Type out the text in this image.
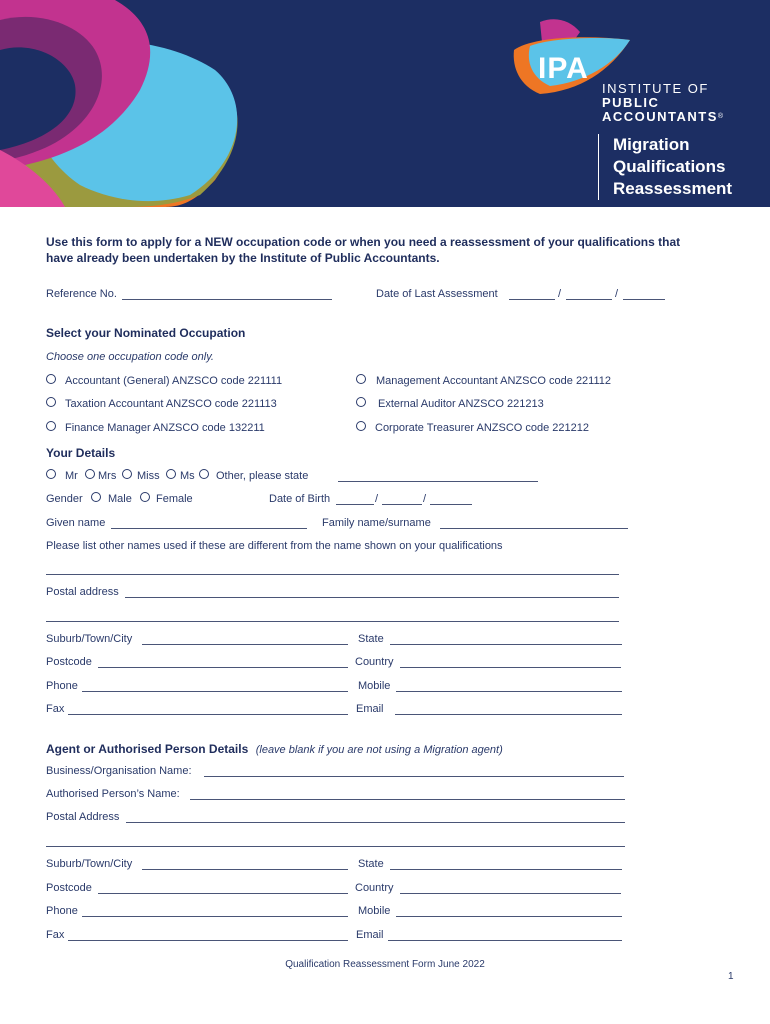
IPA
INSTITUTE OF
PUBLIC
ACCOUNTANTS®
Migration
Qualifications
Reassessment
Use this form to apply for a NEW occupation code or when you need a reassessment of your qualifications that
have already been undertaken by the Institute of Public Accountants.
Reference No.	Date of Last Assessment	/	/
Select your Nominated Occupation
Choose one occupation code only.
Accountant (General) ANZSCO code 221111	Management Accountant ANZSCO code 221112
Taxation Accountant ANZSCO code 221113	External Auditor ANZSCO 221213
Finance Manager ANZSCO code 132211	Corporate Treasurer ANZSCO code 221212
Your Details
Mr Mrs Miss Ms Other, please state
Gender Male Female	Date of Birth	/	/
Given name	Family name/surname
Please list other names used if these are different from the name shown on your qualifications
Postal address
Suburb/Town/City	State
Postcode	Country
Phone	Mobile
Fax	Email
Agent or Authorised Person Details (leave blank if you are not using a Migration agent)
Business/Organisation Name:
Authorised Person’s Name:
Postal Address
Suburb/Town/City	State
Postcode	Country
Phone	Mobile
Fax	Email
Qualification Reassessment Form June 2022
1
